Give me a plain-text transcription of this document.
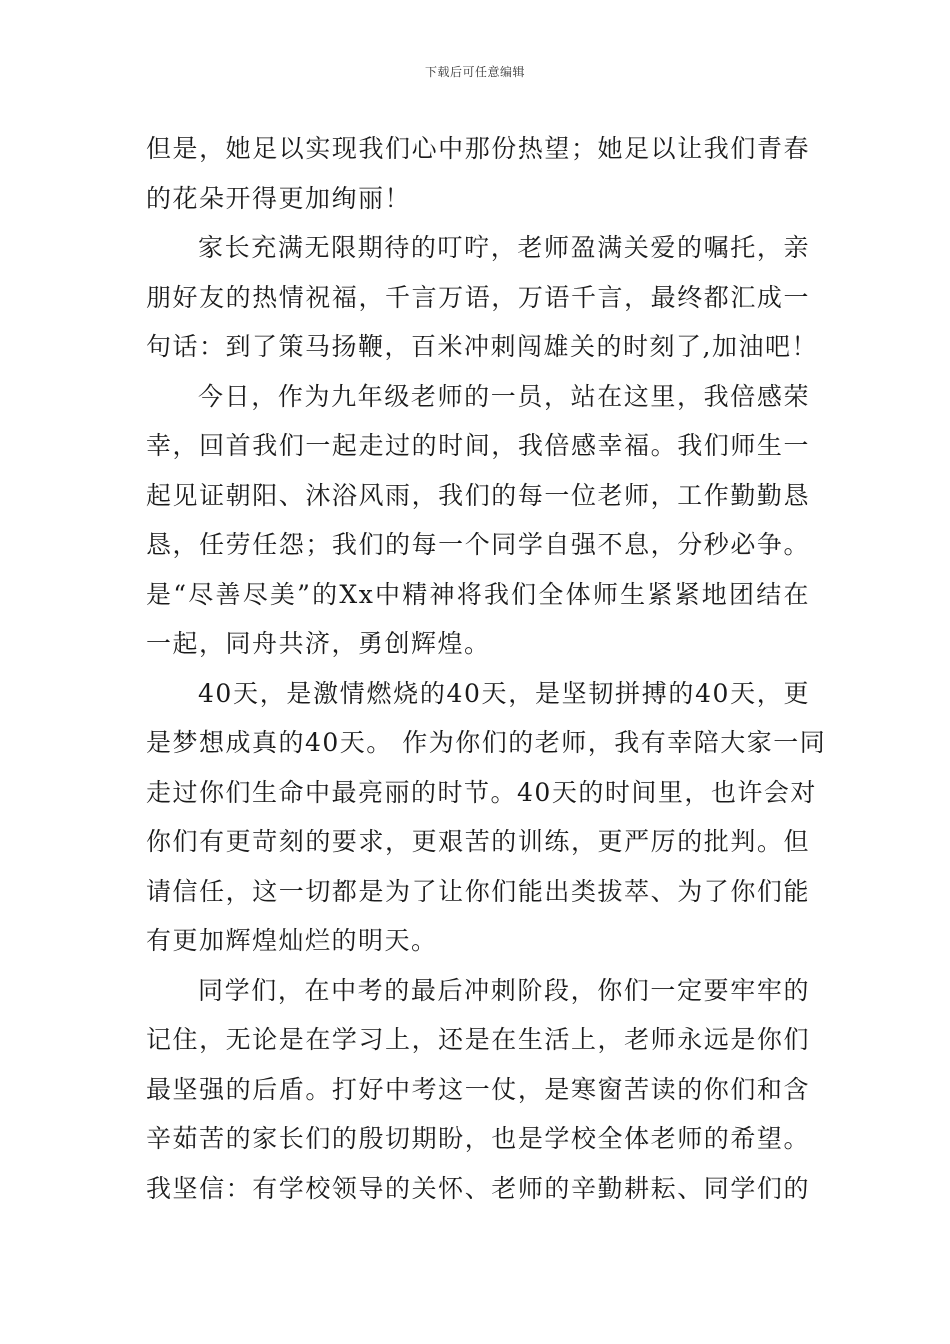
下载后可任意编辑
但是，她足以实现我们心中那份热望；她足以让我们青春
的花朵开得更加绚丽！
家长充满无限期待的叮咛，老师盈满关爱的嘱托，亲
朋好友的热情祝福，千言万语，万语千言，最终都汇成一
句话：到了策马扬鞭，百米冲刺闯雄关的时刻了,加油吧！
今日，作为九年级老师的一员，站在这里，我倍感荣
幸，回首我们一起走过的时间，我倍感幸福。我们师生一
起见证朝阳、沐浴风雨，我们的每一位老师，工作勤勤恳
恳，任劳任怨；我们的每一个同学自强不息，分秒必争。
是“尽善尽美”的Xx中精神将我们全体师生紧紧地团结在
一起，同舟共济，勇创辉煌。
40天，是激情燃烧的40天，是坚韧拼搏的40天，更
是梦想成真的40天。 作为你们的老师，我有幸陪大家一同
走过你们生命中最亮丽的时节。40天的时间里，也许会对
你们有更苛刻的要求，更艰苦的训练，更严厉的批判。但
请信任，这一切都是为了让你们能出类拔萃、为了你们能
有更加辉煌灿烂的明天。
同学们，在中考的最后冲刺阶段，你们一定要牢牢的
记住，无论是在学习上，还是在生活上，老师永远是你们
最坚强的后盾。打好中考这一仗，是寒窗苦读的你们和含
辛茹苦的家长们的殷切期盼，也是学校全体老师的希望。
我坚信：有学校领导的关怀、老师的辛勤耕耘、同学们的
